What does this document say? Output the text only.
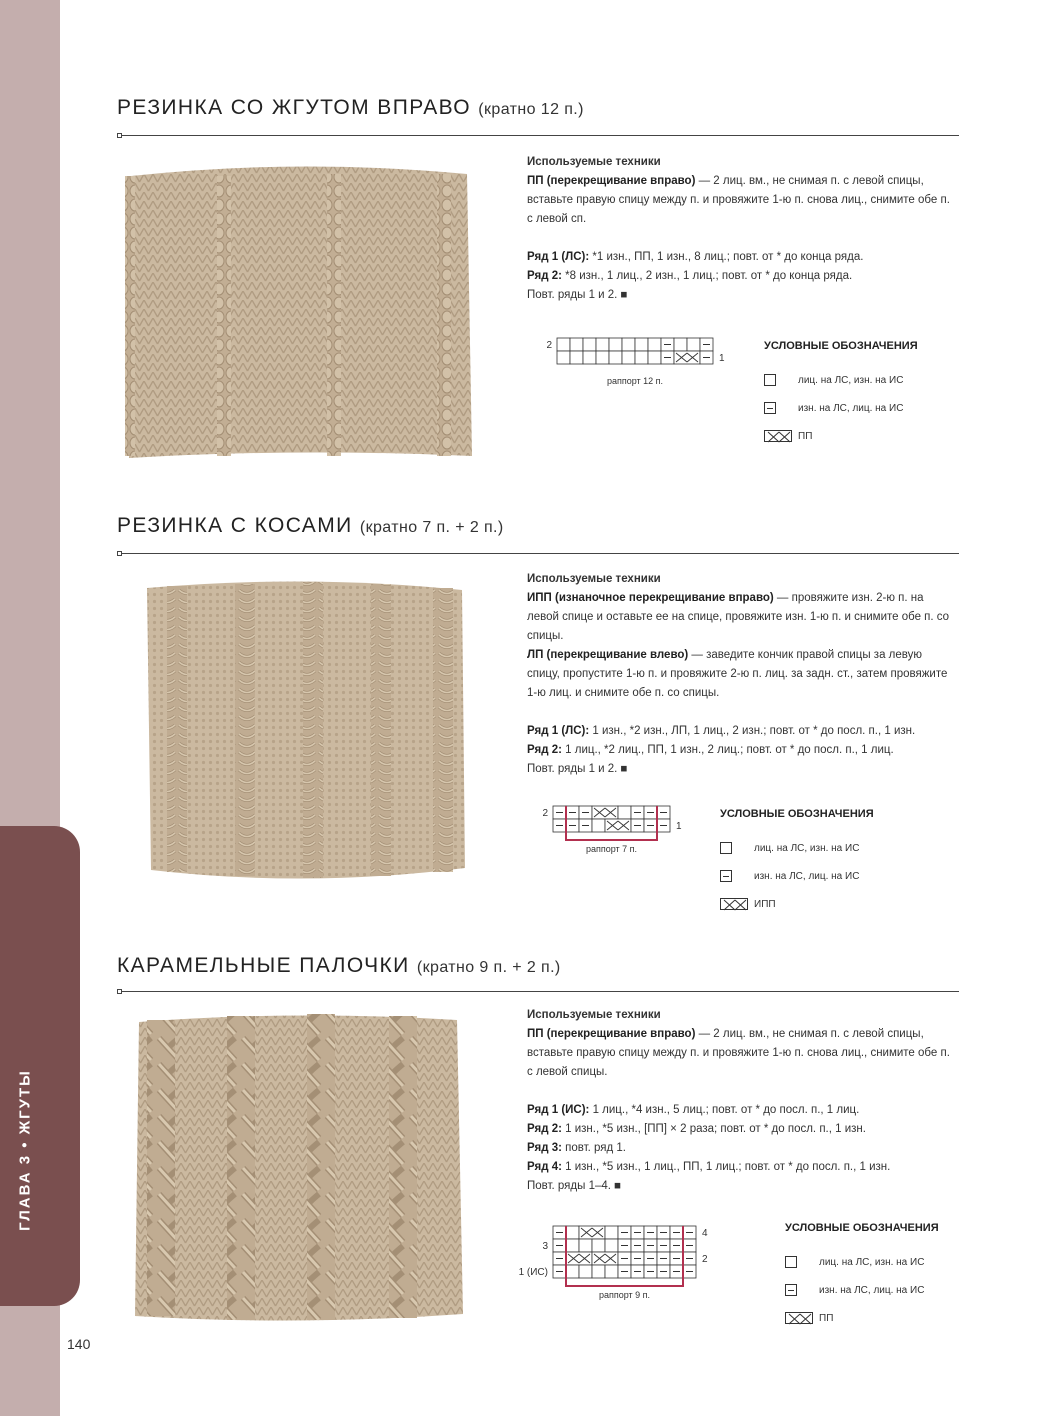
ГЛАВА 3 • ЖГУТЫ
140
РЕЗИНКА СО ЖГУТОМ ВПРАВО (кратно 12 п.)

Используемые техники

ПП (перекрещивание вправо) — 2 лиц. вм., не снимая п. с левой спицы, вставьте правую спицу между п. и провяжите 1-ю п. снова лиц., снимите обе п. с левой сп.

Ряд 1 (ЛС): *1 изн., ПП, 1 изн., 8 лиц.; повт. от * до конца ряда.

Ряд 2: *8 изн., 1 лиц., 2 изн., 1 лиц.; повт. от * до конца ряда.

Повт. ряды 1 и 2. ■

раппорт 12 п.
2
1
УСЛОВНЫЕ ОБОЗНАЧЕНИЯ
лиц. на ЛС, изн. на ИС
изн. на ЛС, лиц. на ИС
ПП
РЕЗИНКА С КОСАМИ (кратно 7 п. + 2 п.)

Используемые техники

ИПП (изнаночное перекрещивание вправо) — провяжите изн. 2-ю п. на левой спице и оставьте ее на спице, провяжите изн. 1-ю п. и снимите обе п. со спицы.

ЛП (перекрещивание влево) — заведите кончик правой спицы за левую спицу, пропустите 1-ю п. и провяжите 2-ю п. лиц. за задн. ст., затем провяжите 1-ю лиц. и снимите обе п. со спицы.

Ряд 1 (ЛС): 1 изн., *2 изн., ЛП, 1 лиц., 2 изн.; повт. от * до посл. п., 1 изн.

Ряд 2: 1 лиц., *2 лиц., ПП, 1 изн., 2 лиц.; повт. от * до посл. п., 1 лиц.

Повт. ряды 1 и 2. ■

раппорт 7 п.
2
1
УСЛОВНЫЕ ОБОЗНАЧЕНИЯ
лиц. на ЛС, изн. на ИС
изн. на ЛС, лиц. на ИС
ИПП
КАРАМЕЛЬНЫЕ ПАЛОЧКИ (кратно 9 п. + 2 п.)

Используемые техники

ПП (перекрещивание вправо) — 2 лиц. вм., не снимая п. с левой спицы, вставьте правую спицу между п. и провяжите 1-ю п. снова лиц., снимите обе п. с левой спицы.

Ряд 1 (ИС): 1 лиц., *4 изн., 5 лиц.; повт. от * до посл. п., 1 лиц.

Ряд 2: 1 изн., *5 изн., [ПП] × 2 раза; повт. от * до посл. п., 1 изн.

Ряд 3: повт. ряд 1.

Ряд 4: 1 изн., *5 изн., 1 лиц., ПП, 1 лиц.; повт. от * до посл. п., 1 изн.

Повт. ряды 1–4. ■

раппорт 9 п.
3
1 (ИС)
4
2
УСЛОВНЫЕ ОБОЗНАЧЕНИЯ
лиц. на ЛС, изн. на ИС
изн. на ЛС, лиц. на ИС
ПП
